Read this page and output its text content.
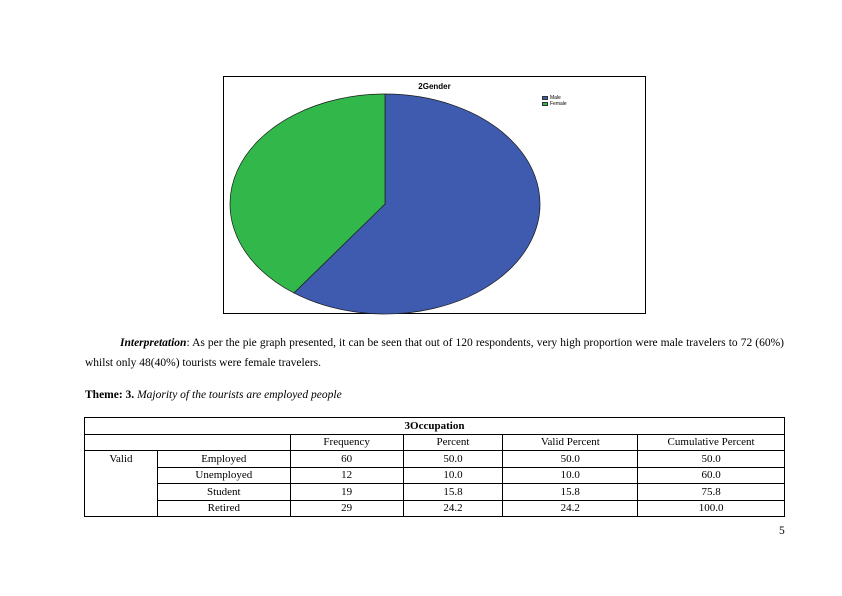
2Gender
Male
Female
Interpretation: As per the pie graph presented, it can be seen that out of 120 respondents, very high proportion were male travelers to 72 (60%) whilst only 48(40%) tourists were female travelers.
Theme: 3. Majority of the tourists are employed people
3Occupation					
		Frequency	Percent	Valid Percent	Cumulative Percent
Valid	Employed	60	50.0	50.0	50.0
	Unemployed	12	10.0	10.0	60.0
	Student	19	15.8	15.8	75.8
	Retired	29	24.2	24.2	100.0
5
